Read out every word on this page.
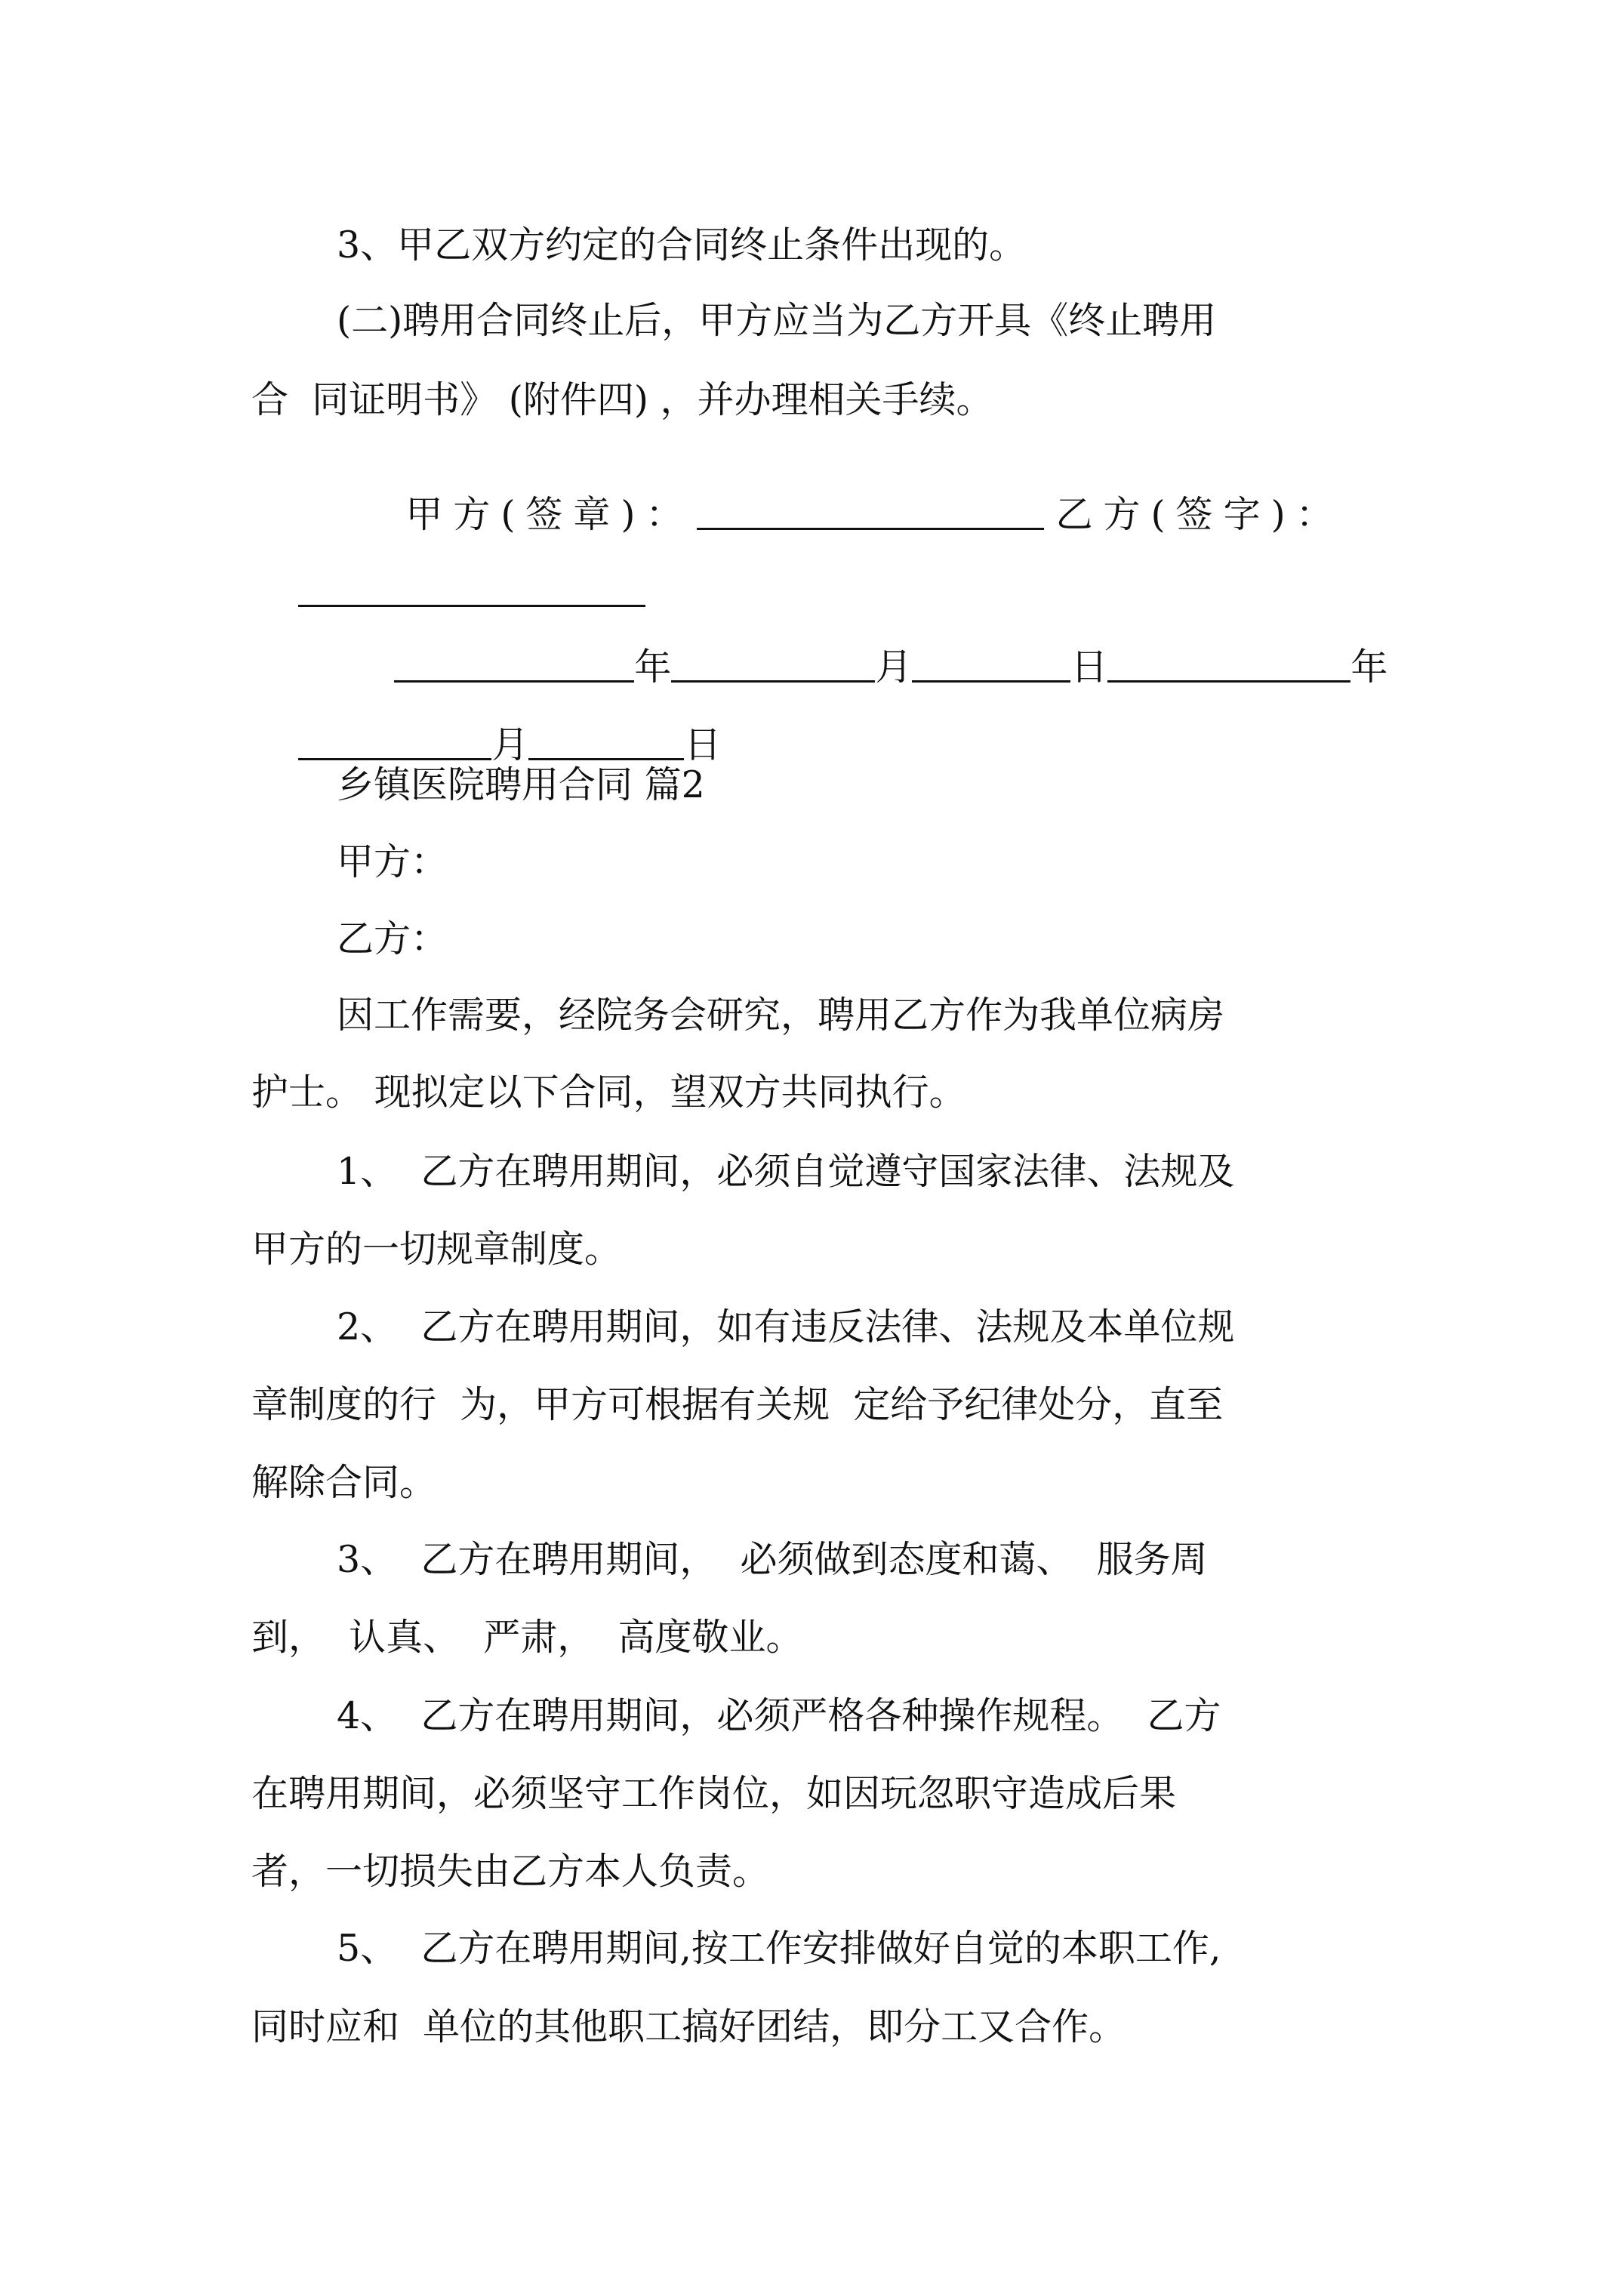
3、甲乙双方约定的合同终止条件出现的。
(二)聘用合同终止后，甲方应当为乙方开具《终止聘用
合  同证明书》 (附件四) ，并办理相关手续。

甲方(签章)：	乙方(签字)：

年	月	日	年

月	日

乡镇医院聘用合同 篇2
甲方：
乙方：
因工作需要，经院务会研究，聘用乙方作为我单位病房
护士。 现拟定以下合同，望双方共同执行。
1、  乙方在聘用期间，必须自觉遵守国家法律、法规及
甲方的一切规章制度。
2、  乙方在聘用期间，如有违反法律、法规及本单位规
章制度的行  为，甲方可根据有关规  定给予纪律处分，直至
解除合同。
3、  乙方在聘用期间，  必须做到态度和蔼、  服务周
到，  认真、  严肃，  高度敬业。
4、  乙方在聘用期间，必须严格各种操作规程。  乙方
在聘用期间，必须坚守工作岗位，如因玩忽职守造成后果
者，一切损失由乙方本人负责。
5、  乙方在聘用期间,按工作安排做好自觉的本职工作,
同时应和  单位的其他职工搞好团结，即分工又合作。
